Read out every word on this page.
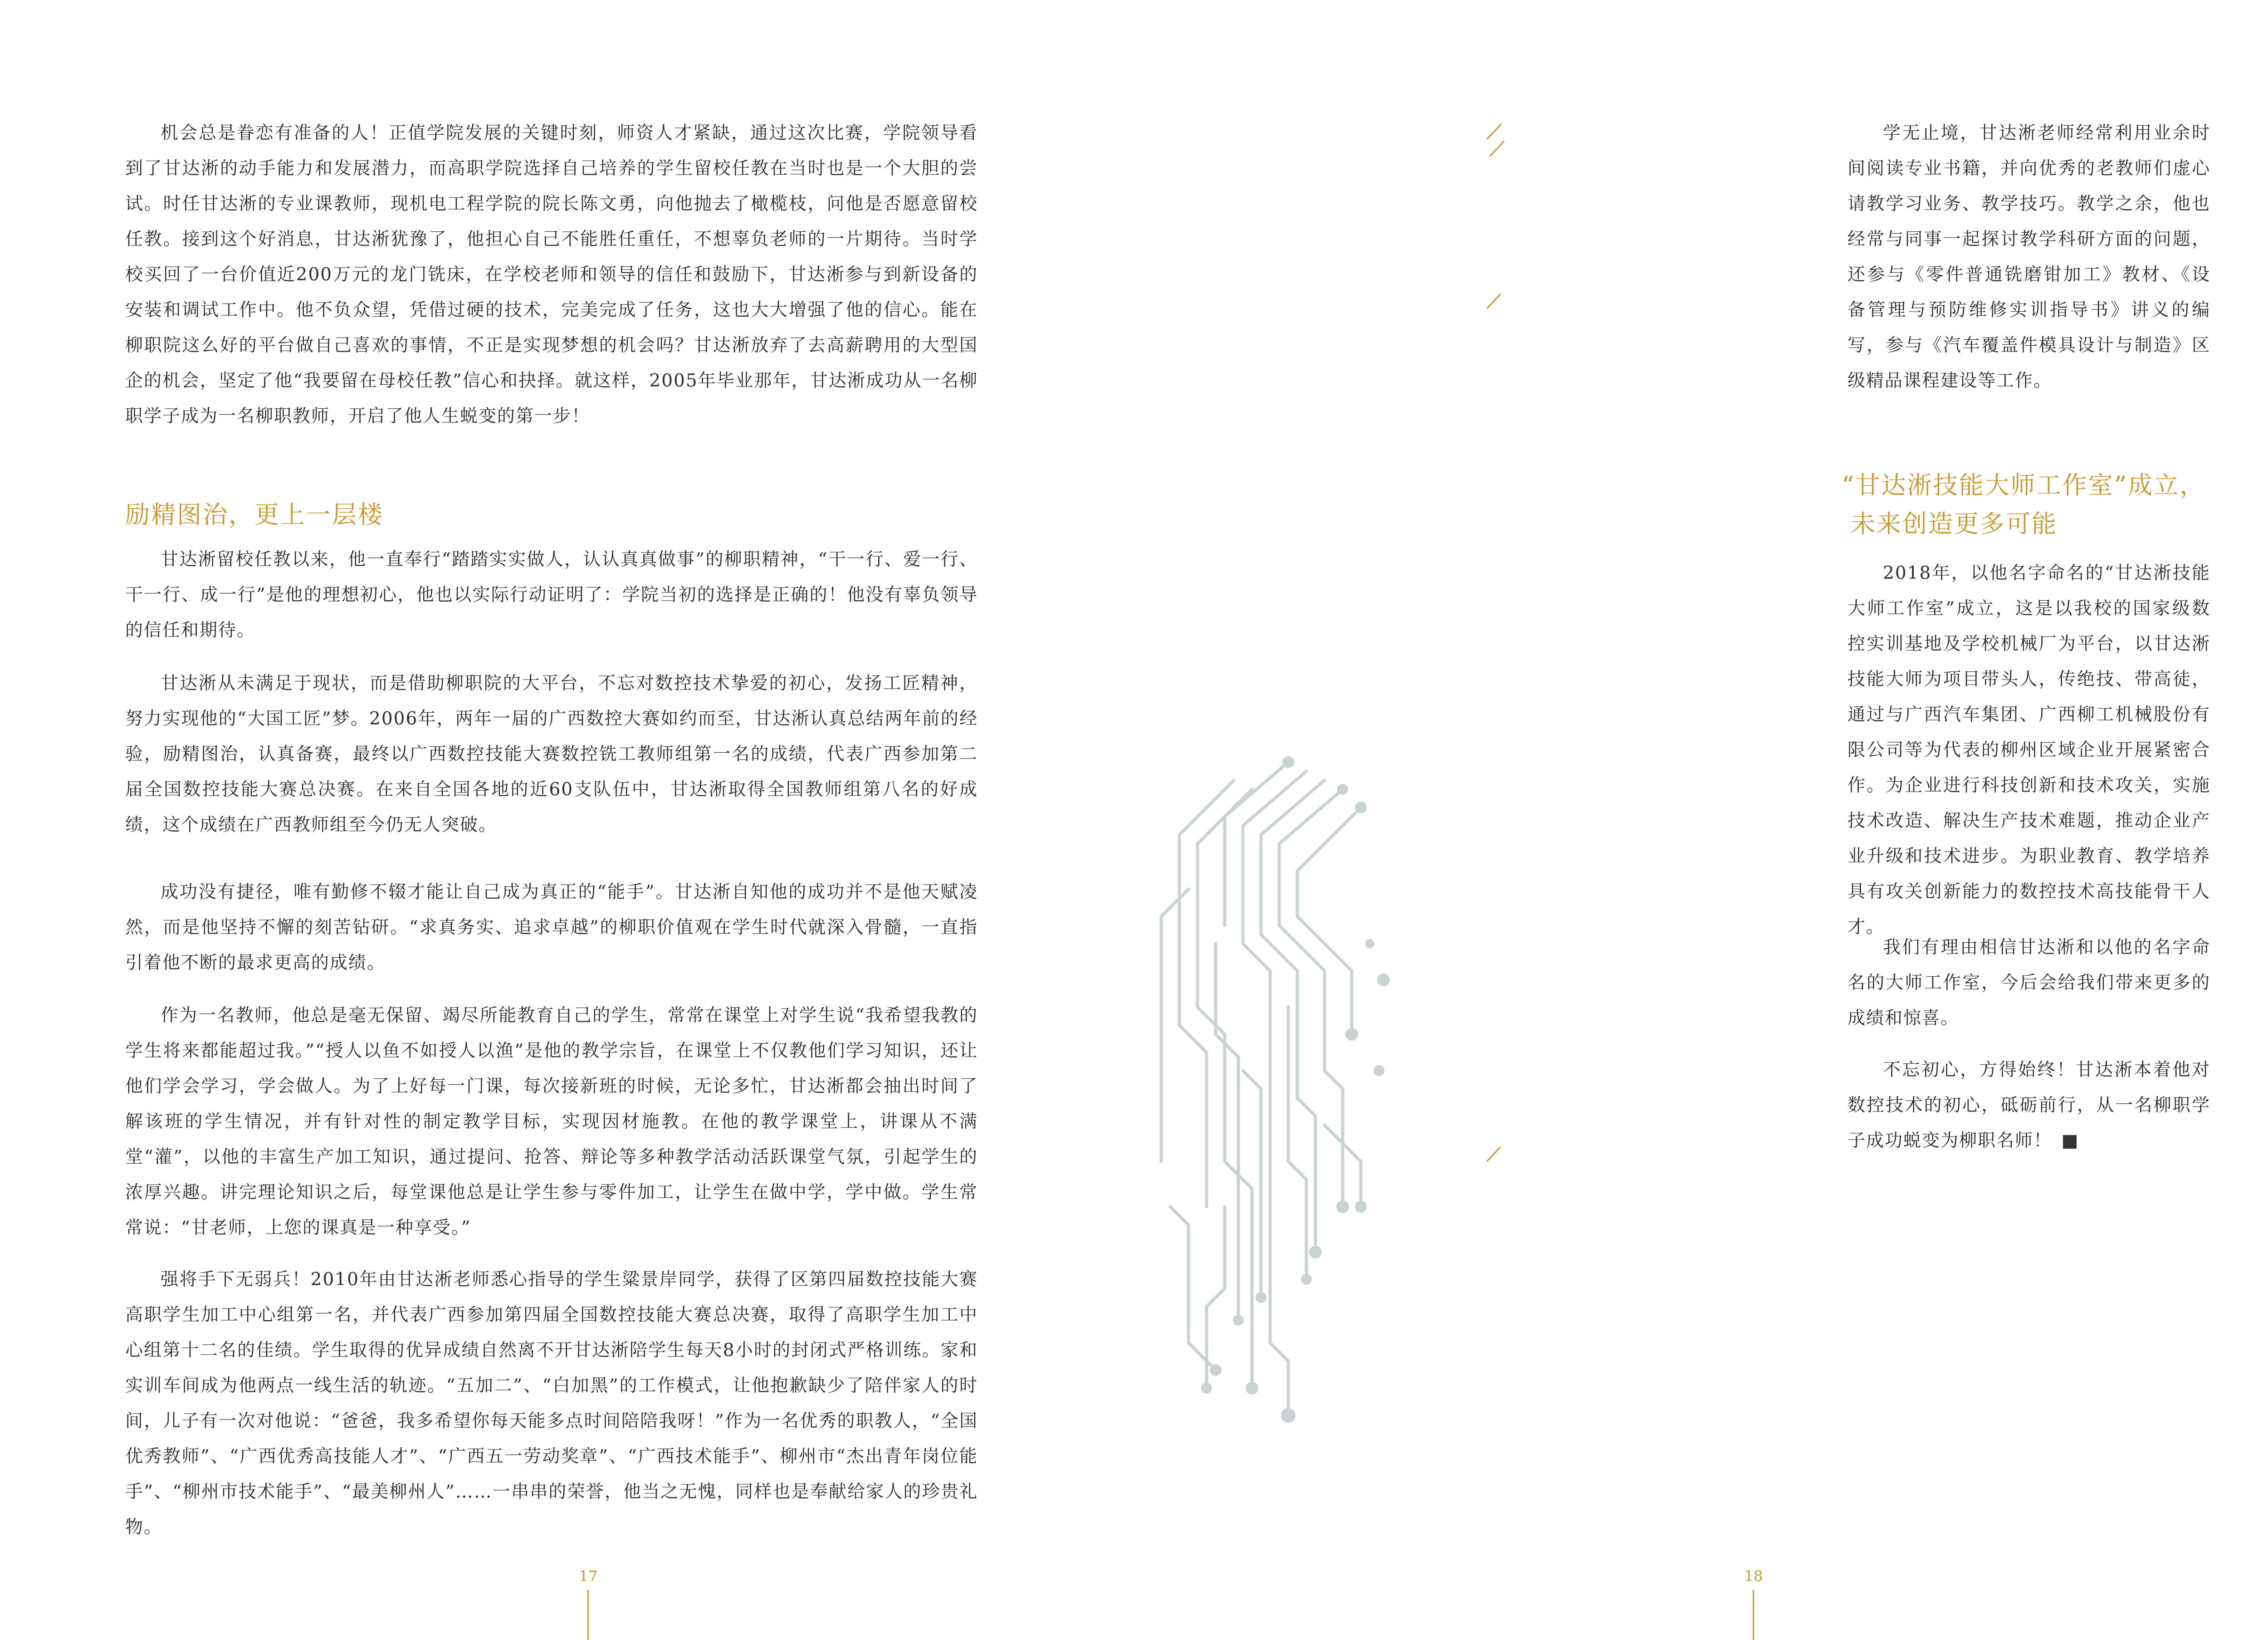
机会总是眷恋有准备的人！正值学院发展的关键时刻，师资人才紧缺，通过这次比赛，学院领导看到了甘达淅的动手能力和发展潜力，而高职学院选择自己培养的学生留校任教在当时也是一个大胆的尝试。时任甘达淅的专业课教师，现机电工程学院的院长陈文勇，向他抛去了橄榄枝，问他是否愿意留校任教。接到这个好消息，甘达淅犹豫了，他担心自己不能胜任重任，不想辜负老师的一片期待。当时学校买回了一台价值近200万元的龙门铣床，在学校老师和领导的信任和鼓励下，甘达淅参与到新设备的安装和调试工作中。他不负众望，凭借过硬的技术，完美完成了任务，这也大大增强了他的信心。能在柳职院这么好的平台做自己喜欢的事情，不正是实现梦想的机会吗？甘达淅放弃了去高薪聘用的大型国企的机会，坚定了他“我要留在母校任教”信心和抉择。就这样，2005年毕业那年，甘达淅成功从一名柳职学子成为一名柳职教师，开启了他人生蜕变的第一步！

励精图治，更上一层楼

甘达淅留校任教以来，他一直奉行“踏踏实实做人，认认真真做事”的柳职精神，“干一行、爱一行、干一行、成一行”是他的理想初心，他也以实际行动证明了：学院当初的选择是正确的！他没有辜负领导的信任和期待。

甘达淅从未满足于现状，而是借助柳职院的大平台，不忘对数控技术挚爱的初心，发扬工匠精神，努力实现他的“大国工匠”梦。2006年，两年一届的广西数控大赛如约而至，甘达淅认真总结两年前的经验，励精图治，认真备赛，最终以广西数控技能大赛数控铣工教师组第一名的成绩，代表广西参加第二届全国数控技能大赛总决赛。在来自全国各地的近60支队伍中，甘达淅取得全国教师组第八名的好成绩，这个成绩在广西教师组至今仍无人突破。

成功没有捷径，唯有勤修不辍才能让自己成为真正的“能手”。甘达淅自知他的成功并不是他天赋凌然，而是他坚持不懈的刻苦钻研。“求真务实、追求卓越”的柳职价值观在学生时代就深入骨髓，一直指引着他不断的最求更高的成绩。

作为一名教师，他总是毫无保留、竭尽所能教育自己的学生，常常在课堂上对学生说“我希望我教的学生将来都能超过我。”“授人以鱼不如授人以渔”是他的教学宗旨，在课堂上不仅教他们学习知识，还让他们学会学习，学会做人。为了上好每一门课，每次接新班的时候，无论多忙，甘达淅都会抽出时间了解该班的学生情况，并有针对性的制定教学目标，实现因材施教。在他的教学课堂上，讲课从不满堂“灌”，以他的丰富生产加工知识，通过提问、抢答、辩论等多种教学活动活跃课堂气氛，引起学生的浓厚兴趣。讲完理论知识之后，每堂课他总是让学生参与零件加工，让学生在做中学，学中做。学生常常说：“甘老师，上您的课真是一种享受。”

强将手下无弱兵！2010年由甘达淅老师悉心指导的学生粱景岸同学，获得了区第四届数控技能大赛高职学生加工中心组第一名，并代表广西参加第四届全国数控技能大赛总决赛，取得了高职学生加工中心组第十二名的佳绩。学生取得的优异成绩自然离不开甘达淅陪学生每天8小时的封闭式严格训练。家和实训车间成为他两点一线生活的轨迹。“五加二”、“白加黑”的工作模式，让他抱歉缺少了陪伴家人的时间，儿子有一次对他说：“爸爸，我多希望你每天能多点时间陪陪我呀！”作为一名优秀的职教人，“全国优秀教师”、“广西优秀高技能人才”、“广西五一劳动奖章”、“广西技术能手”、柳州市“杰出青年岗位能手”、“柳州市技术能手”、“最美柳州人”……一串串的荣誉，他当之无愧，同样也是奉献给家人的珍贵礼物。

17

学无止境，甘达淅老师经常利用业余时间阅读专业书籍，并向优秀的老教师们虚心请教学习业务、教学技巧。教学之余，他也经常与同事一起探讨教学科研方面的问题，还参与《零件普通铣磨钳加工》教材、《设备管理与预防维修实训指导书》讲义的编写，参与《汽车覆盖件模具设计与制造》区级精品课程建设等工作。

“甘达淅技能大师工作室”成立，
未来创造更多可能

2018年，以他名字命名的“甘达淅技能大师工作室”成立，这是以我校的国家级数控实训基地及学校机械厂为平台，以甘达淅技能大师为项目带头人，传绝技、带高徒，通过与广西汽车集团、广西柳工机械股份有限公司等为代表的柳州区域企业开展紧密合作。为企业进行科技创新和技术攻关，实施技术改造、解决生产技术难题，推动企业产业升级和技术进步。为职业教育、教学培养具有攻关创新能力的数控技术高技能骨干人才。

我们有理由相信甘达淅和以他的名字命名的大师工作室，今后会给我们带来更多的成绩和惊喜。

不忘初心，方得始终！甘达淅本着他对数控技术的初心，砥砺前行，从一名柳职学子成功蜕变为柳职名师！

18
